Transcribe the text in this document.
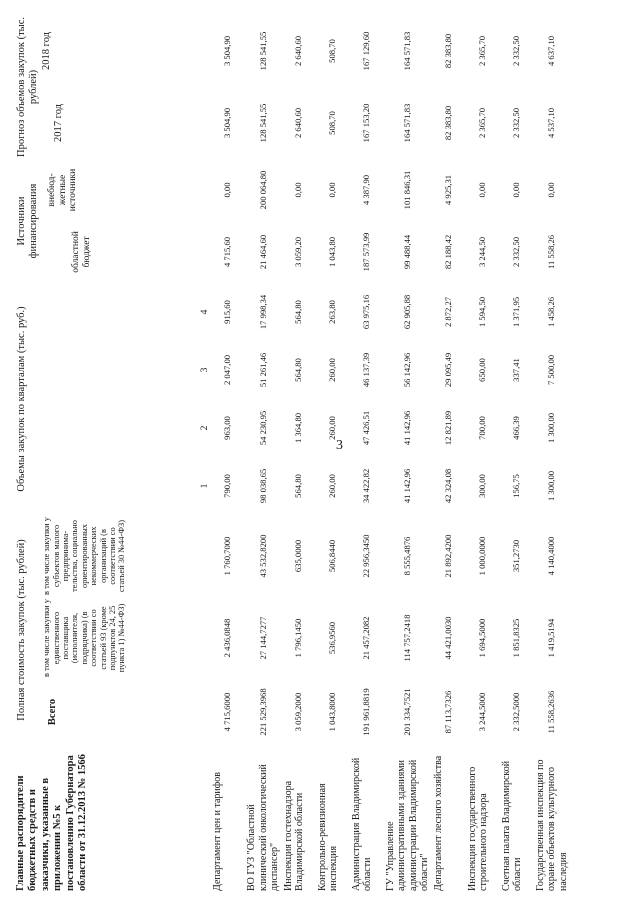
3
Главные распорядители бюджетных средств и заказчики, указанные в приложении №5 к постановлению Губернатора области от 31.12.2013 № 1566	Полная стоимость закупок (тыс. рублей)			Объемы закупок по кварталам (тыс. руб.)				Источники финансирования		Прогноз объемов закупок (тыс. рублей)	
	Всего	в том числе закупки у единственного поставщика (исполнителя, подрядчика) (в соответствии со статьей 93 (кроме подпунктов 24, 25 пункта 1) №44-ФЗ)	в том числе закупки у субъектов малого предпринима-тельства, социально ориентированных некоммерческих организаций (в соответствии со статьей 30 №44-ФЗ)	1	2	3	4	областной бюджет	внебюд-жетные источники	2017 год	2018 год
Департамент цен и тарифов	4 715,6000	2 436,0848	1 760,7000	790,00	963,00	2 047,00	915,60	4 715,60	0,00	3 504,90	3 504,90
ВО ГУЗ "Областной клинический онкологический диспансер"	221 529,3968	27 144,7277	43 532,8200	98 038,65	54 230,95	51 261,46	17 998,34	21 464,60	200 064,80	128 541,55	128 541,55
Инспекция гостехнадзора Владимирской области	3 059,2000	1 796,1450	635,0000	564,80	1 364,80	564,80	564,80	3 059,20	0,00	2 640,60	2 640,60
Контрольно-ревизионная инспекция	1 043,8000	536,9560	506,8440	260,00	260,00	260,00	263,80	1 043,80	0,00	508,70	508,70
Администрация Владимирской области	191 961,8819	21 457,2082	22 956,3450	34 422,82	47 426,51	46 137,39	63 975,16	187 573,99	4 387,90	167 153,20	167 129,60
ГУ "Управление административными зданиями администрации Владимирской области"	201 334,7521	114 757,2418	8 555,4876	41 142,96	41 142,96	56 142,96	62 905,88	99 488,44	101 846,31	164 571,83	164 571,83
Департамент лесного хозяйства	87 113,7326	44 421,0030	21 892,4200	42 324,08	12 821,89	29 095,49	2 872,27	82 188,42	4 925,31	82 383,80	82 383,80
Инспекция государственного строительного надзора	3 244,5000	1 694,5000	1 000,0000	300,00	700,00	650,00	1 594,50	3 244,50	0,00	2 365,70	2 365,70
Счетная палата Владимирской области	2 332,5000	1 851,8325	351,2730	156,75	466,39	337,41	1 371,95	2 332,50	0,00	2 332,50	2 332,50
Государственная инспекция по охране объектов культурного наследия	11 558,2636	1 419,5194	4 140,4000	1 300,00	1 300,00	7 500,00	1 458,26	11 558,26	0,00	4 537,10	4 637,10
